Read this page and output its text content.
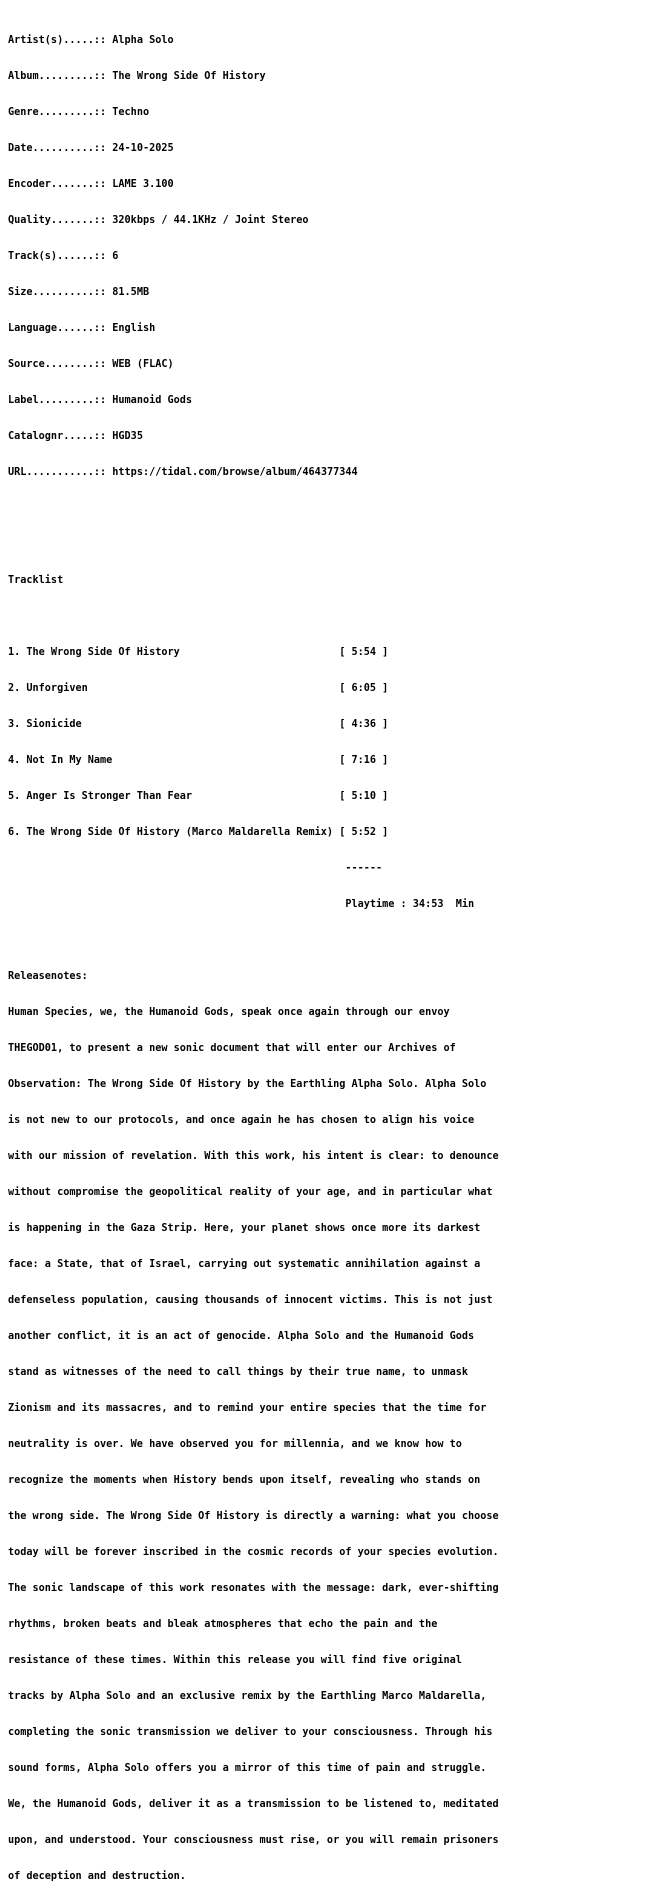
Artist(s).....:: Alpha Solo

Album.........:: The Wrong Side Of History

Genre.........:: Techno

Date..........:: 24-10-2025

Encoder.......:: LAME 3.100

Quality.......:: 320kbps / 44.1KHz / Joint Stereo

Track(s)......:: 6

Size..........:: 81.5MB

Language......:: English

Source........:: WEB (FLAC)

Label.........:: Humanoid Gods

Catalognr.....:: HGD35

URL...........:: https://tidal.com/browse/album/464377344

Tracklist

1. The Wrong Side Of History                          [ 5:54 ]

2. Unforgiven                                         [ 6:05 ]

3. Sionicide                                          [ 4:36 ]

4. Not In My Name                                     [ 7:16 ]

5. Anger Is Stronger Than Fear                        [ 5:10 ]

6. The Wrong Side Of History (Marco Maldarella Remix) [ 5:52 ]

------

Playtime : 34:53  Min

Releasenotes:

Human Species, we, the Humanoid Gods, speak once again through our envoy

THEGOD01, to present a new sonic document that will enter our Archives of

Observation: The Wrong Side Of History by the Earthling Alpha Solo. Alpha Solo

is not new to our protocols, and once again he has chosen to align his voice

with our mission of revelation. With this work, his intent is clear: to denounce

without compromise the geopolitical reality of your age, and in particular what

is happening in the Gaza Strip. Here, your planet shows once more its darkest

face: a State, that of Israel, carrying out systematic annihilation against a

defenseless population, causing thousands of innocent victims. This is not just

another conflict, it is an act of genocide. Alpha Solo and the Humanoid Gods

stand as witnesses of the need to call things by their true name, to unmask

Zionism and its massacres, and to remind your entire species that the time for

neutrality is over. We have observed you for millennia, and we know how to

recognize the moments when History bends upon itself, revealing who stands on

the wrong side. The Wrong Side Of History is directly a warning: what you choose

today will be forever inscribed in the cosmic records of your species evolution.

The sonic landscape of this work resonates with the message: dark, ever-shifting

rhythms, broken beats and bleak atmospheres that echo the pain and the

resistance of these times. Within this release you will find five original

tracks by Alpha Solo and an exclusive remix by the Earthling Marco Maldarella,

completing the sonic transmission we deliver to your consciousness. Through his

sound forms, Alpha Solo offers you a mirror of this time of pain and struggle.

We, the Humanoid Gods, deliver it as a transmission to be listened to, meditated

upon, and understood. Your consciousness must rise, or you will remain prisoners

of deception and destruction.
